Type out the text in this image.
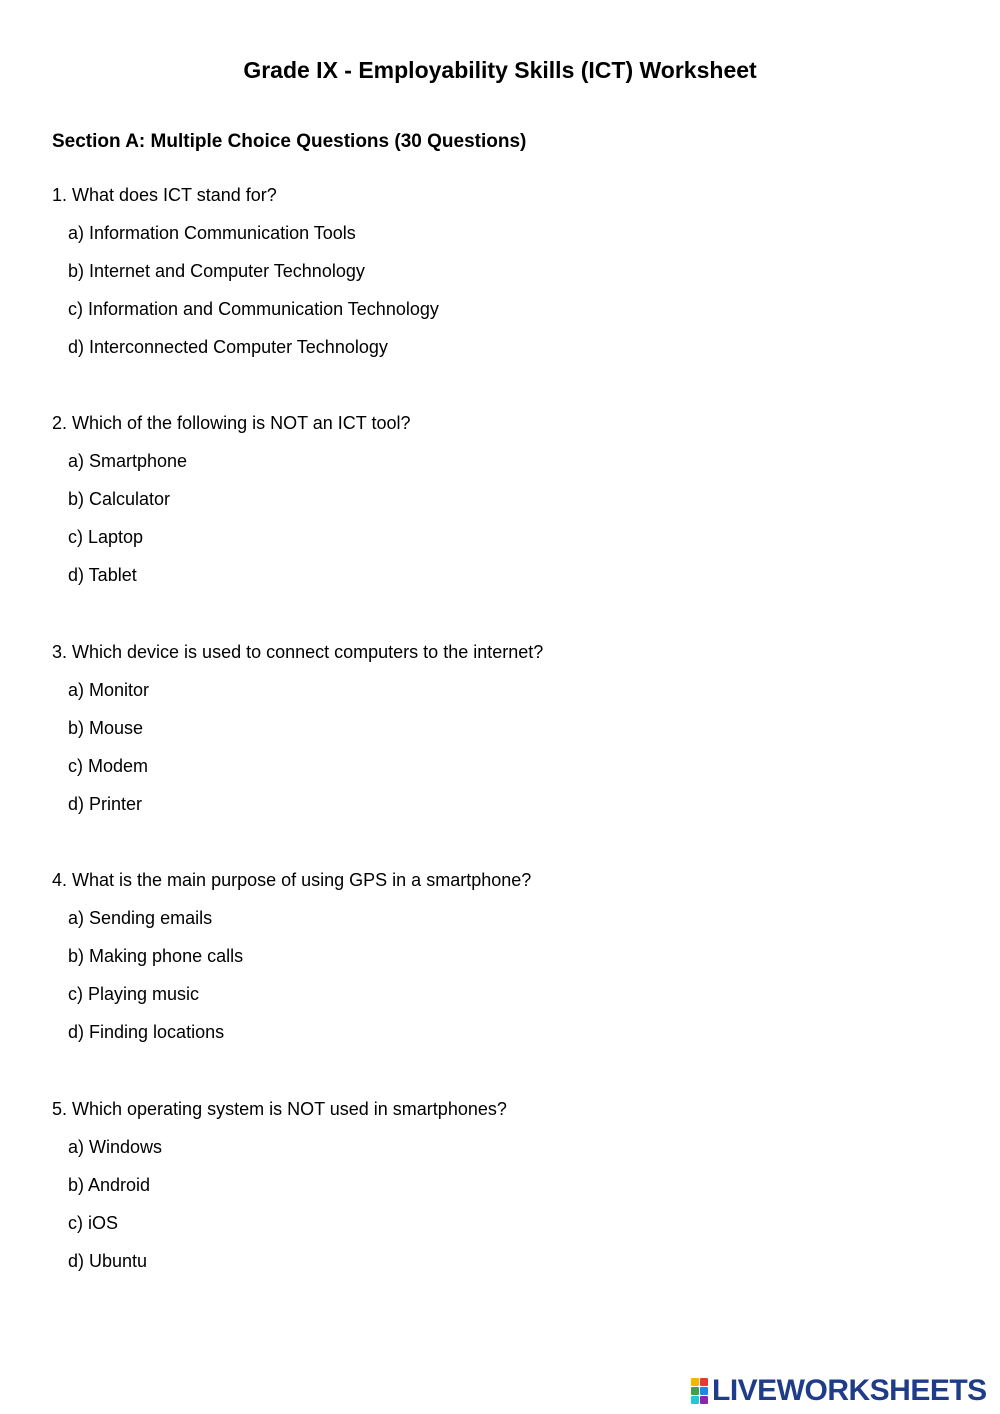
Grade IX - Employability Skills (ICT) Worksheet
Section A: Multiple Choice Questions (30 Questions)
1. What does ICT stand for?
a) Information Communication Tools
b) Internet and Computer Technology
c) Information and Communication Technology
d) Interconnected Computer Technology
2. Which of the following is NOT an ICT tool?
a) Smartphone
b) Calculator
c) Laptop
d) Tablet
3. Which device is used to connect computers to the internet?
a) Monitor
b) Mouse
c) Modem
d) Printer
4. What is the main purpose of using GPS in a smartphone?
a) Sending emails
b) Making phone calls
c) Playing music
d) Finding locations
5. Which operating system is NOT used in smartphones?
a) Windows
b) Android
c) iOS
d) Ubuntu
LIVEWORKSHEETS
